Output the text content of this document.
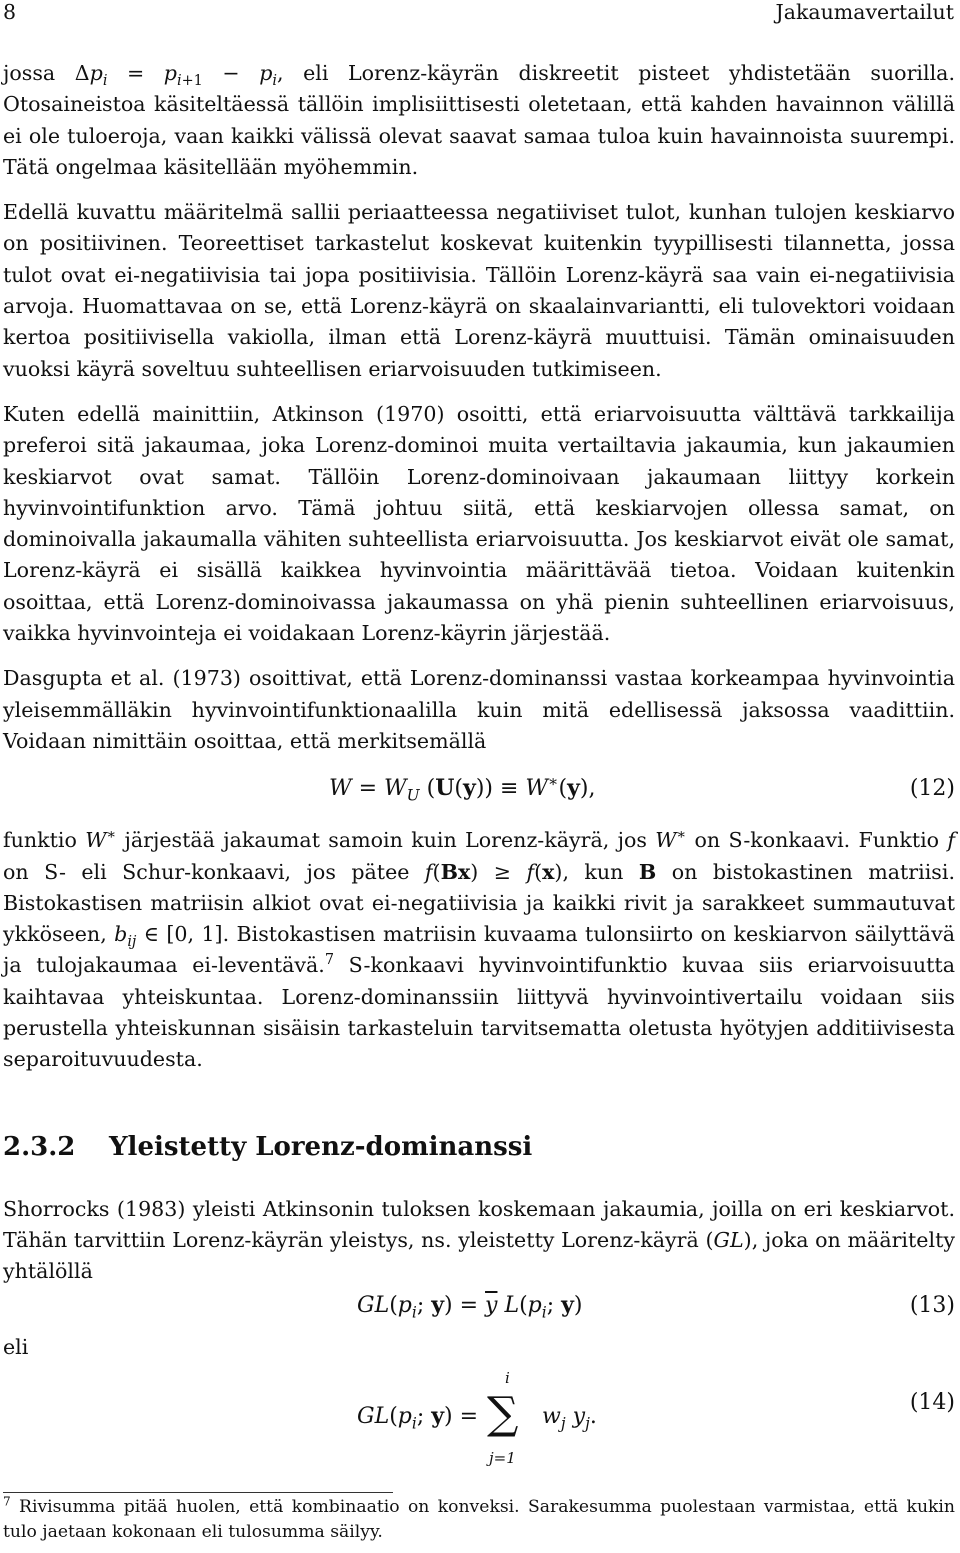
8	Jakaumavertailut

jossa $\Delta p_i = p_{i+1} - p_i$, eli Lorenz-käyrän diskreetit pisteet yhdistetään suorilla. Otosaineistoa käsiteltäessä tällöin implisiittisesti oletetaan, että kahden havainnon välillä ei ole tuloeroja, vaan kaikki välissä olevat saavat samaa tuloa kuin havainnoista suurempi. Tätä ongelmaa käsitellään myöhemmin.

Edellä kuvattu määritelmä sallii periaatteessa negatiiviset tulot, kunhan tulojen keskiarvo on positiivinen. Teoreettiset tarkastelut koskevat kuitenkin tyypillisesti tilannetta, jossa tulot ovat ei-negatiivisia tai jopa positiivisia. Tällöin Lorenz-käyrä saa vain ei-negatiivisia arvoja. Huomattavaa on se, että Lorenz-käyrä on skaalainvariantti, eli tulovektori voidaan kertoa positiivisella vakiolla, ilman että Lorenz-käyrä muuttuisi. Tämän ominaisuuden vuoksi käyrä soveltuu suhteellisen eriarvoisuuden tutkimiseen.

Kuten edellä mainittiin, Atkinson (1970) osoitti, että eriarvoisuutta välttävä tarkkailija preferoi sitä jakaumaa, joka Lorenz-dominoi muita vertailtavia jakaumia, kun jakaumien keskiarvot ovat samat. Tällöin Lorenz-dominoivaan jakaumaan liittyy korkein hyvinvointifunktion arvo. Tämä johtuu siitä, että keskiarvojen ollessa samat, on dominoivalla jakaumalla vähiten suhteellista eriarvoisuutta. Jos keskiarvot eivät ole samat, Lorenz-käyrä ei sisällä kaikkea hyvinvointia määrittävää tietoa. Voidaan kuitenkin osoittaa, että Lorenz-dominoivassa jakaumassa on yhä pienin suhteellinen eriarvoisuus, vaikka hyvinvointeja ei voidakaan Lorenz-käyrin järjestää.

Dasgupta et al. (1973) osoittivat, että Lorenz-dominanssi vastaa korkeampaa hyvinvointia yleisemmälläkin hyvinvointifunktionaalilla kuin mitä edellisessä jaksossa vaadittiin. Voidaan nimittäin osoittaa, että merkitsemällä

$W = W_U$ (U(y)) ≡ W∗(y),	(12)

funktio W∗ järjestää jakaumat samoin kuin Lorenz-käyrä, jos W∗ on S-konkaavi. Funktio f on S- eli Schur-konkaavi, jos pätee f(Bx) ≥ f(x), kun B on bistokastinen matriisi. Bistokastisen matriisin alkiot ovat ei-negatiivisia ja kaikki rivit ja sarakkeet summautuvat ykköseen, $b_{ij}$ ∈ [0, 1]. Bistokastisen matriisin kuvaama tulonsiirto on keskiarvon säilyttävä ja tulojakaumaa ei-leventävä.$^7$ S-konkaavi hyvinvointifunktio kuvaa siis eriarvoisuutta kaihtavaa yhteiskuntaa. Lorenz-dominanssiin liittyvä hyvinvointivertailu voidaan siis perustella yhteiskunnan sisäisin tarkasteluin tarvitsematta oletusta hyötyjen additiivisesta separoituvuudesta.

2.3.2 Yleistetty Lorenz-dominanssi

Shorrocks (1983) yleisti Atkinsonin tuloksen koskemaan jakaumia, joilla on eri keskiarvot. Tähän tarvittiin Lorenz-käyrän yleistys, ns. yleistetty Lorenz-käyrä (GL), joka on määritelty yhtälöllä

$GL(p_i$; $y) = \overline{y}$ $L(p_i$; y)	(13)

eli

$GL(p_i$; y) = ∑
i
j=1
$w_j$ $y_j$.
(14)
$^7$ Rivisumma pitää huolen, että kombinaatio on konveksi. Sarakesumma puolestaan varmistaa, että kukin tulo jaetaan kokonaan eli tulosumma säilyy.
